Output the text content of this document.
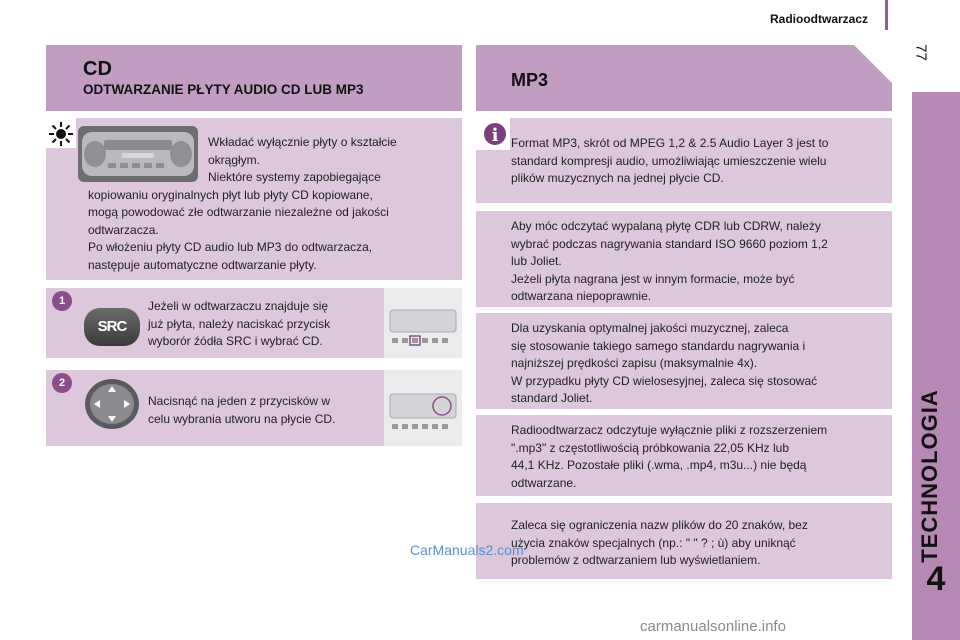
Radioodtwarzacz
77
TECHNOLOGIA
4
CD
ODTWARZANIE PŁYTY AUDIO CD LUB MP3	MP3
Wkładać wyłącznie płyty o kształcie
okrągłym.
Niektóre systemy zapobiegające
kopiowaniu oryginalnych płyt lub płyty CD kopiowane,
mogą powodować złe odtwarzanie niezależne od jakości
odtwarzacza.
Po włożeniu płyty CD audio lub MP3 do odtwarzacza,
następuje automatyczne odtwarzanie płyty.
1
SRC
Jeżeli w odtwarzaczu znajduje się
już płyta, należy naciskać przycisk
wyborór źódła SRC i wybrać CD.
2
Nacisnąć na jeden z przycisków w
celu wybrania utworu na płycie CD.
i	Format MP3, skrót od MPEG 1,2 & 2.5 Audio Layer 3 jest to
standard kompresji audio, umożliwiając umieszczenie wielu
plików muzycznych na jednej płycie CD.
Aby móc odczytać wypalaną płytę CDR lub CDRW, należy
wybrać podczas nagrywania standard ISO 9660 poziom 1,2
lub Joliet.
Jeżeli płyta nagrana jest w innym formacie, może być
odtwarzana niepoprawnie.
Dla uzyskania optymalnej jakości muzycznej, zaleca
się stosowanie takiego samego standardu nagrywania i
najniższej prędkości zapisu (maksymalnie 4x).
W przypadku płyty CD wielosesyjnej, zaleca się stosować
standard Joliet.
Radioodtwarzacz odczytuje wyłącznie pliki z rozszerzeniem
".mp3" z częstotliwością próbkowania 22,05 KHz lub
44,1 KHz. Pozostałe pliki (.wma, .mp4, m3u...) nie będą
odtwarzane.
Zaleca się ograniczenia nazw plików do 20 znaków, bez
użycia znaków specjalnych (np.: " " ? ; ù) aby uniknąć
problemów z odtwarzaniem lub wyświetlaniem.
CarManuals2.com
carmanualsonline.info
